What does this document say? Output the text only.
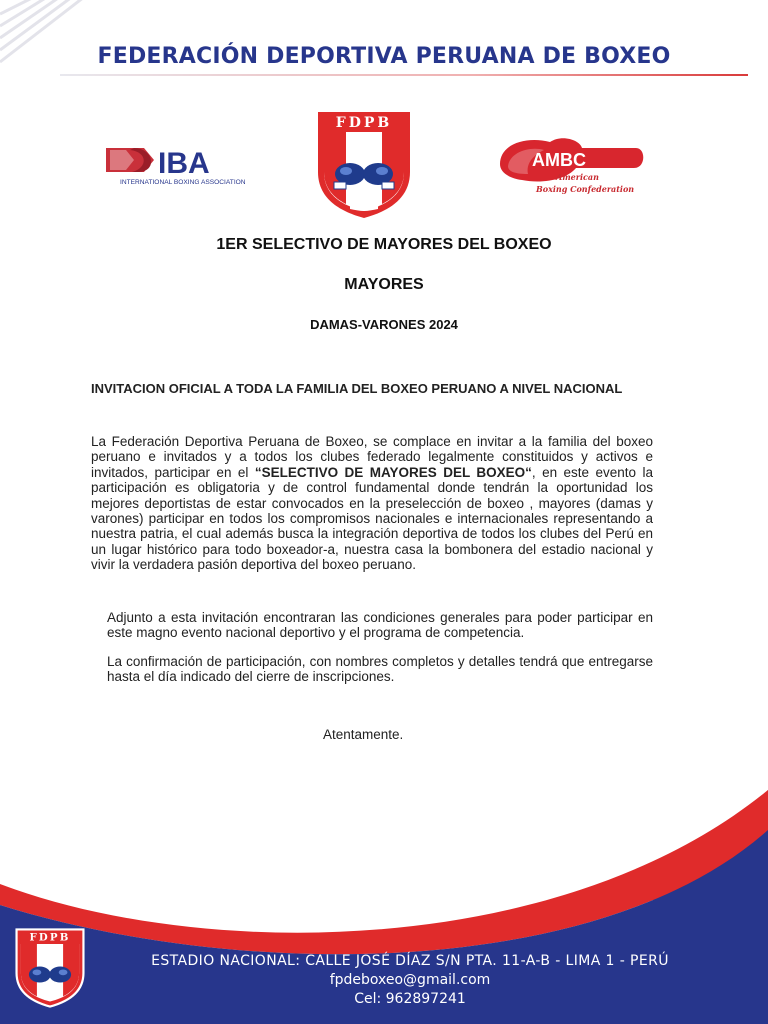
FEDERACIÓN DEPORTIVA PERUANA DE BOXEO
IBA
INTERNATIONAL BOXING ASSOCIATION
FDPB
AMBC
American
Boxing Confederation
1ER SELECTIVO DE MAYORES DEL BOXEO
MAYORES
DAMAS-VARONES 2024
INVITACION OFICIAL A TODA LA FAMILIA DEL BOXEO PERUANO A NIVEL NACIONAL

La Federación Deportiva Peruana de Boxeo, se complace en invitar a la familia del boxeo peruano e invitados y a todos los clubes federado legalmente constituidos y activos e invitados, participar en el “SELECTIVO DE MAYORES DEL BOXEO“, en este evento la participación es obligatoria y de control fundamental donde tendrán la oportunidad los mejores deportistas de estar convocados en la preselección de boxeo , mayores (damas y varones) participar en todos los compromisos nacionales e internacionales representando a nuestra patria, el cual además busca la integración deportiva de todos los clubes del Perú en un lugar histórico para todo boxeador-a, nuestra casa la bombonera del estadio nacional y vivir la verdadera pasión deportiva del boxeo peruano.

Adjunto a esta invitación encontraran las condiciones generales para poder participar en este magno evento nacional deportivo y el programa de competencia.

La confirmación de participación, con nombres completos y detalles tendrá que entregarse hasta el día indicado del cierre de inscripciones.

Atentamente.
FDPB
ESTADIO NACIONAL: CALLE JOSÉ DÍAZ S/N PTA. 11-A-B - LIMA 1 - PERÚ
fpdeboxeo@gmail.com
Cel: 962897241
